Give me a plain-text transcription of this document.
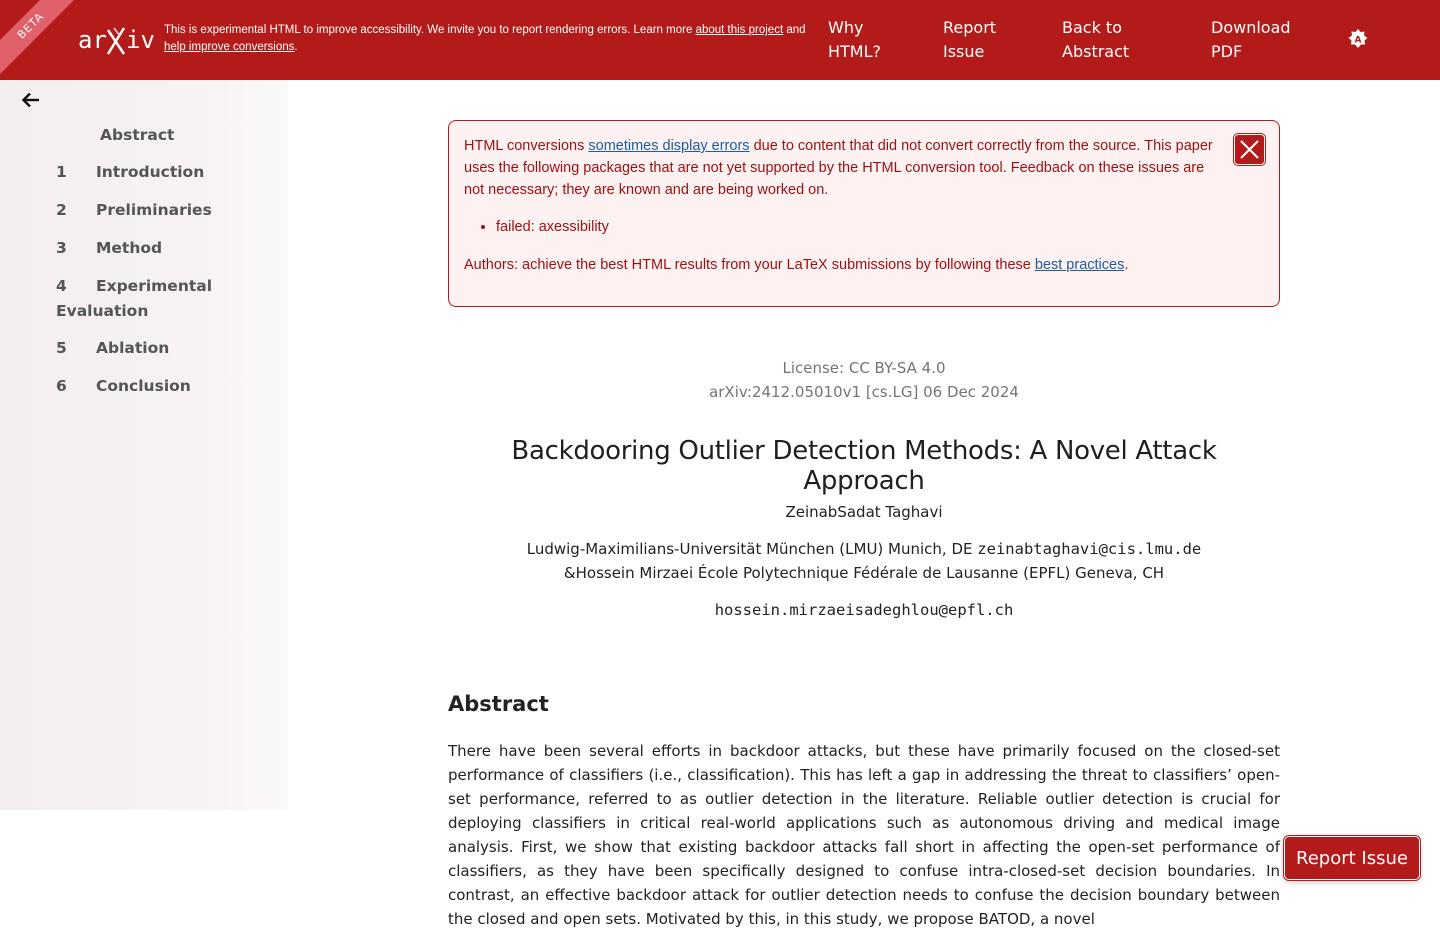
BETA	ar iv This is experimental HTML to improve accessibility. We invite you to report rendering errors. Learn more about this project and help improve conversions.
Why
HTML?
Report
Issue
Back to
Abstract
Download
PDF
A
Abstract
1 Introduction
2 Preliminaries
3 Method
4 Experimental
Evaluation
5 Ablation
6 Conclusion
HTML conversions sometimes display errors due to content that did not convert correctly from the source. This paper uses the following packages that are not yet supported by the HTML conversion tool. Feedback on these issues are not necessary; they are known and are being worked on.
• failed: axessibility
Authors: achieve the best HTML results from your LaTeX submissions by following these best practices.
License: CC BY-SA 4.0
arXiv:2412.05010v1 [cs.LG] 06 Dec 2024
Backdooring Outlier Detection Methods: A Novel Attack Approach
ZeinabSadat Taghavi
Ludwig-Maximilians-Universität München (LMU) Munich, DE zeinabtaghavi@cis.lmu.de
&Hossein Mirzaei École Polytechnique Fédérale de Lausanne (EPFL) Geneva, CH
hossein.mirzaeisadeghlou@epfl.ch
Abstract
There have been several efforts in backdoor attacks, but these have primarily focused on the closed-set performance of classifiers (i.e., classification). This has left a gap in addressing the threat to classifiers’ open-set performance, referred to as outlier detection in the literature. Reliable outlier detection is crucial for deploying classifiers in critical real-world applications such as autonomous driving and medical image analysis. First, we show that existing backdoor attacks fall short in affecting the open-set performance of classifiers, as they have been specifically designed to confuse intra-closed-set decision boundaries. In contrast, an effective backdoor attack for outlier detection needs to confuse the decision boundary between the closed and open sets. Motivated by this, in this study, we propose BATOD, a novel
Report Issue
